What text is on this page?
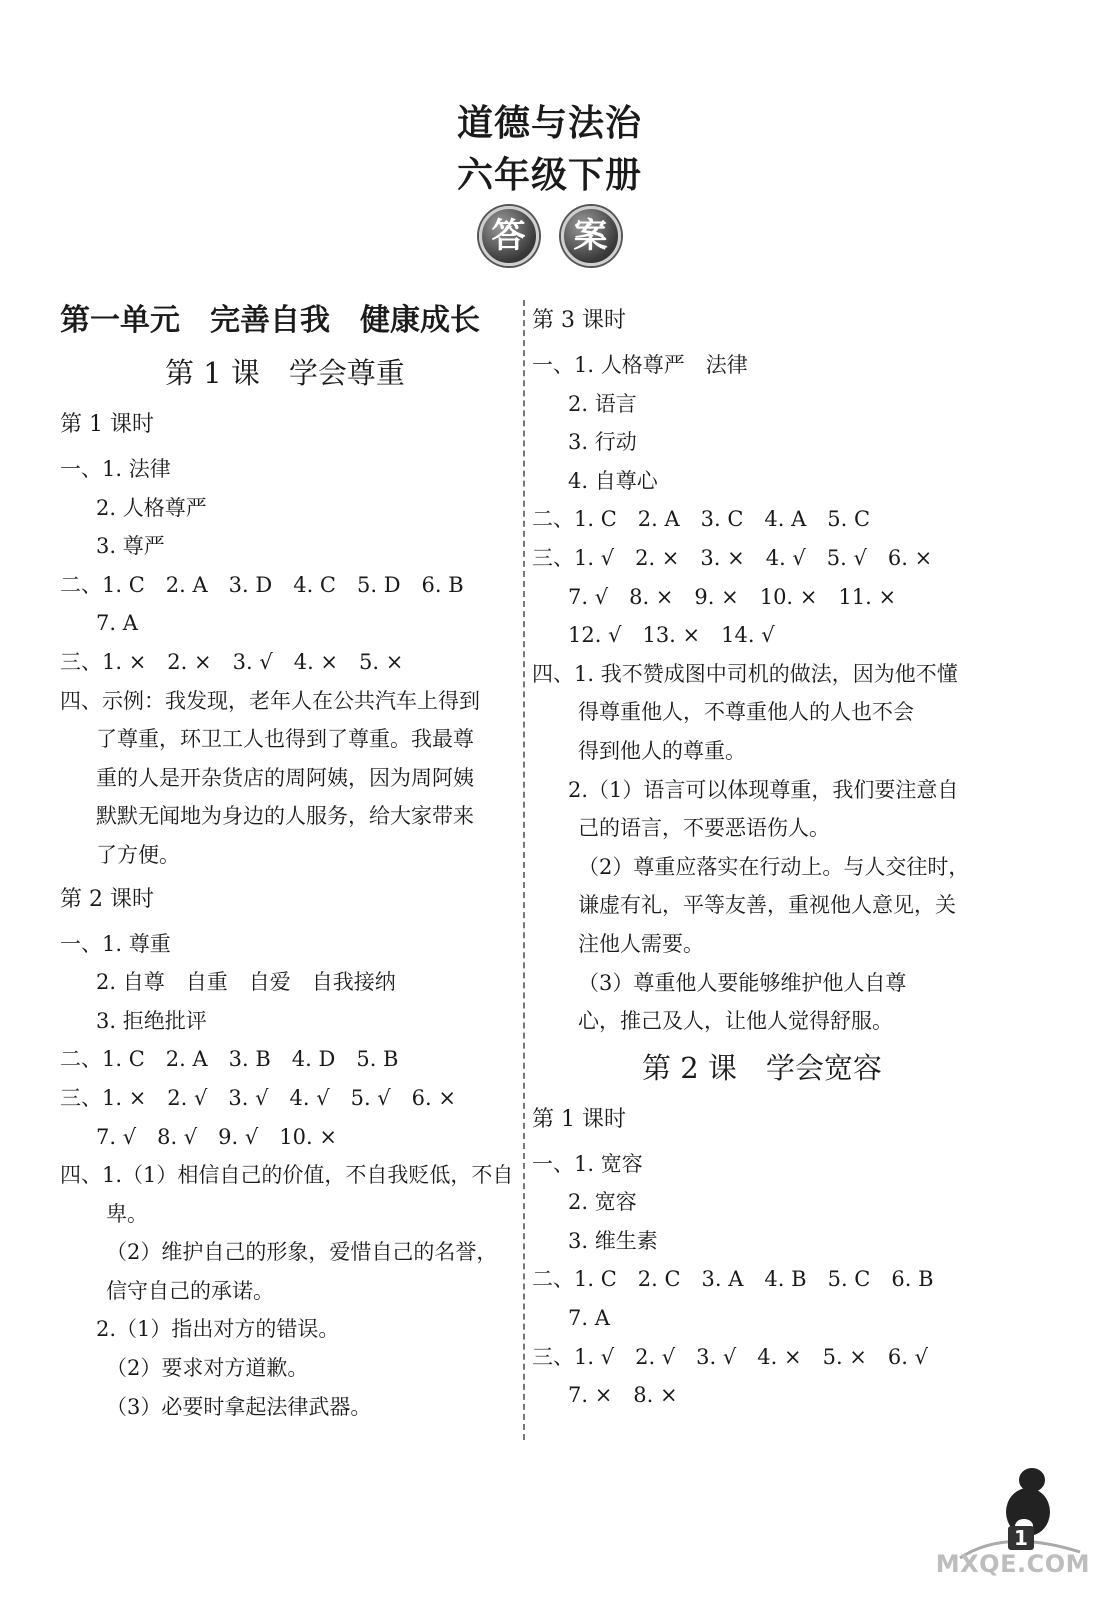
道德与法治
六年级下册
答	案
第一单元　完善自我　健康成长
第 1 课　学会尊重
第 1 课时
一、1. 法律
2. 人格尊严
3. 尊严
二、1. C　2. A　3. D　4. C　5. D　6. B
7. A
三、1. ×　2. ×　3. √　4. ×　5. ×
四、示例：我发现，老年人在公共汽车上得到
了尊重，环卫工人也得到了尊重。我最尊
重的人是开杂货店的周阿姨，因为周阿姨
默默无闻地为身边的人服务，给大家带来
了方便。
第 2 课时
一、1. 尊重
2. 自尊　自重　自爱　自我接纳
3. 拒绝批评
二、1. C　2. A　3. B　4. D　5. B
三、1. ×　2. √　3. √　4. √　5. √　6. ×
7. √　8. √　9. √　10. ×
四、1.（1）相信自己的价值，不自我贬低，不自
卑。
（2）维护自己的形象，爱惜自己的名誉，
信守自己的承诺。
2.（1）指出对方的错误。
（2）要求对方道歉。
（3）必要时拿起法律武器。
第 3 课时
一、1. 人格尊严　法律
2. 语言
3. 行动
4. 自尊心
二、1. C　2. A　3. C　4. A　5. C
三、1. √　2. ×　3. ×　4. √　5. √　6. ×
7. √　8. ×　9. ×　10. ×　11. ×
12. √　13. ×　14. √
四、1. 我不赞成图中司机的做法，因为他不懂
得尊重他人，不尊重他人的人也不会
得到他人的尊重。
2.（1）语言可以体现尊重，我们要注意自
己的语言，不要恶语伤人。
（2）尊重应落实在行动上。与人交往时，
谦虚有礼，平等友善，重视他人意见，关
注他人需要。
（3）尊重他人要能够维护他人自尊
心，推己及人，让他人觉得舒服。
第 2 课　学会宽容
第 1 课时
一、1. 宽容
2. 宽容
3. 维生素
二、1. C　2. C　3. A　4. B　5. C　6. B
7. A
三、1. √　2. √　3. √　4. ×　5. ×　6. √
7. ×　8. ×
MXQE.COM
1
